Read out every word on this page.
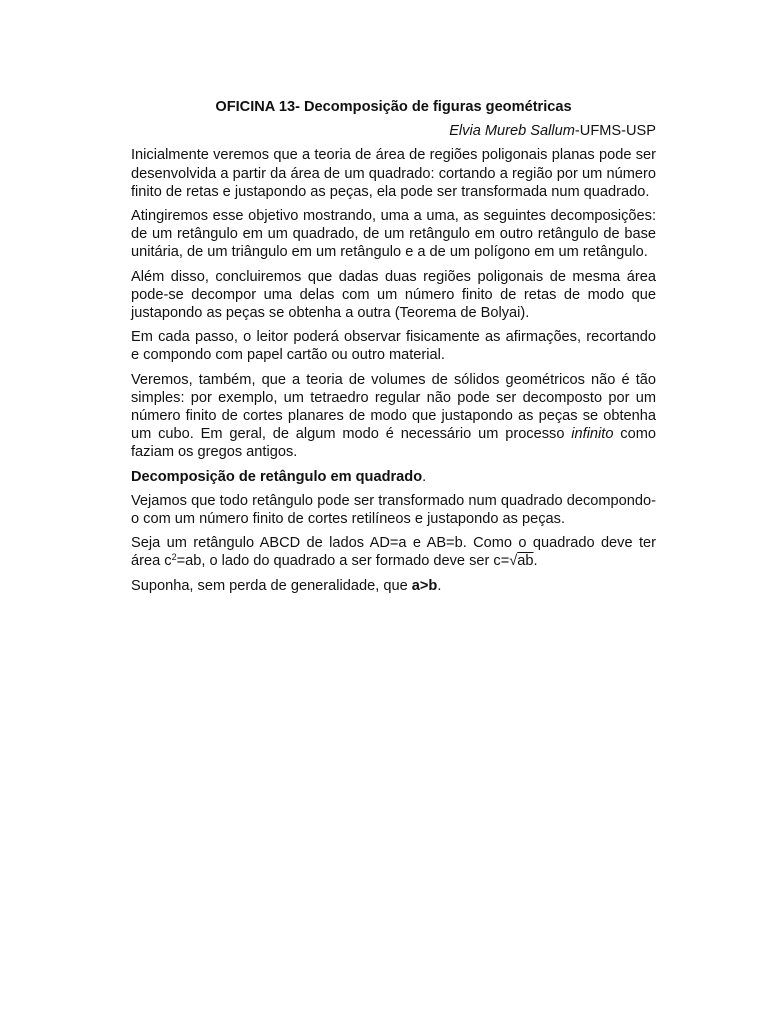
OFICINA 13- Decomposição de figuras geométricas

Elvia Mureb Sallum-UFMS-USP

Inicialmente veremos que a teoria de área de regiões poligonais planas pode ser desenvolvida a partir da área de um quadrado: cortando a região por um número finito de retas e justapondo as peças, ela pode ser transformada num quadrado.

Atingiremos esse objetivo mostrando, uma a uma, as seguintes decomposições: de um retângulo em um quadrado, de um retângulo em outro retângulo de base unitária, de um triângulo em um retângulo e a de um polígono em um retângulo.

Além disso, concluiremos que dadas duas regiões poligonais de mesma área pode-se decompor uma delas com um número finito de retas de modo que justapondo as peças se obtenha a outra (Teorema de Bolyai).

Em cada passo, o leitor poderá observar fisicamente as afirmações, recortando e compondo com papel cartão ou outro material.

Veremos, também, que a teoria de volumes de sólidos geométricos não é tão simples: por exemplo, um tetraedro regular não pode ser decomposto por um número finito de cortes planares de modo que justapondo as peças se obtenha um cubo. Em geral, de algum modo é necessário um processo infinito como faziam os gregos antigos.

Decomposição de retângulo em quadrado.

Vejamos que todo retângulo pode ser transformado num quadrado decompondo-o com um número finito de cortes retilíneos e justapondo as peças.

Seja um retângulo ABCD de lados AD=a e AB=b. Como o quadrado deve ter área $c^2=ab$, o lado do quadrado a ser formado deve ser c=√ab.

Suponha, sem perda de generalidade, que a>b.
